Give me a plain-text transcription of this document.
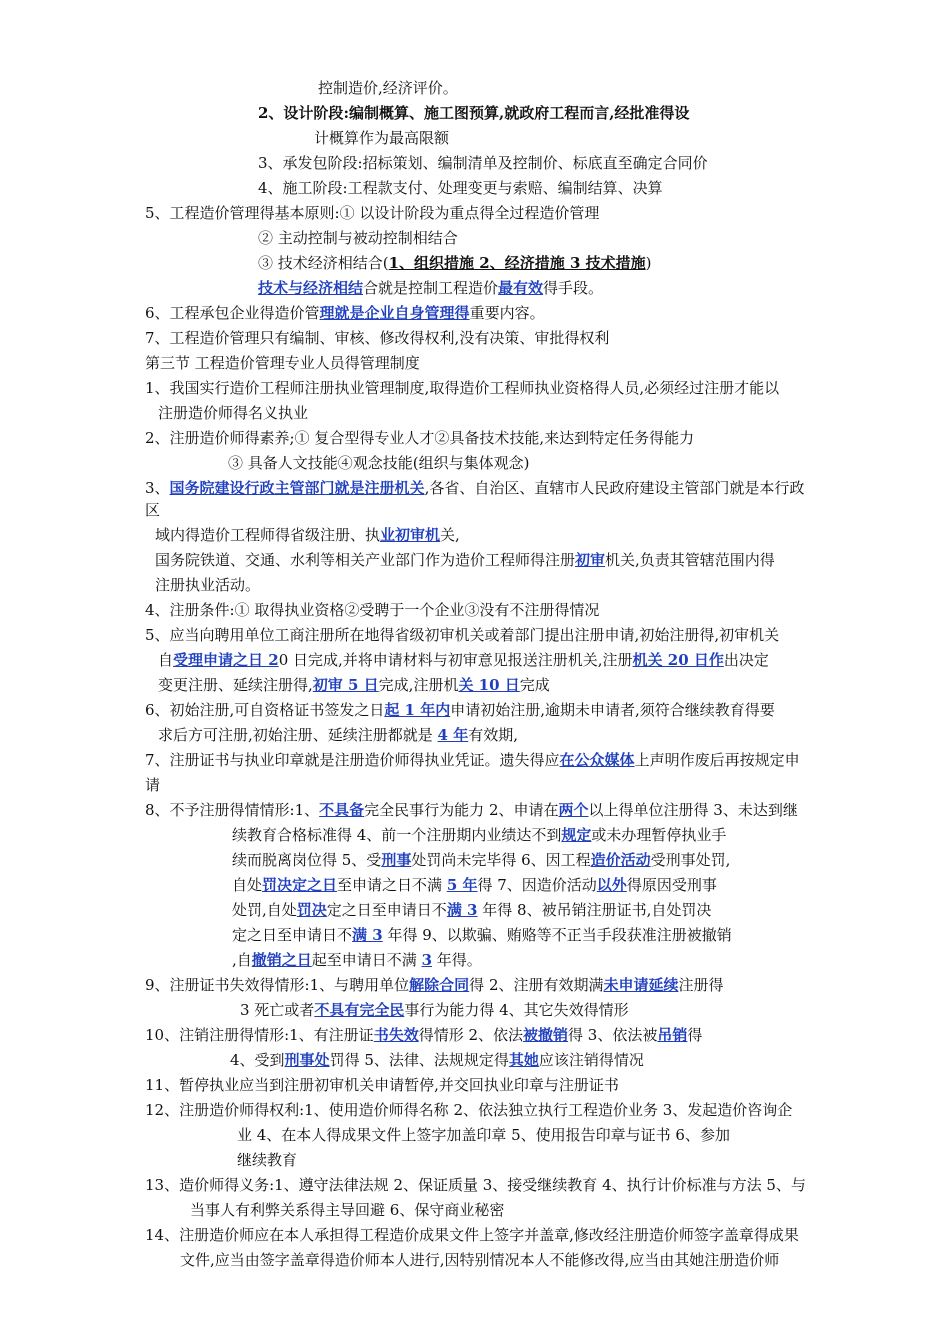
控制造价,经济评价。
2、设计阶段:编制概算、施工图预算,就政府工程而言,经批准得设
计概算作为最高限额
3、承发包阶段:招标策划、编制清单及控制价、标底直至确定合同价
4、施工阶段:工程款支付、处理变更与索赔、编制结算、决算
5、工程造价管理得基本原则:① 以设计阶段为重点得全过程造价管理
② 主动控制与被动控制相结合
③ 技术经济相结合(1、组织措施 2、经济措施 3 技术措施)
技术与经济相结合就是控制工程造价最有效得手段。
6、工程承包企业得造价管理就是企业自身管理得重要内容。
7、工程造价管理只有编制、审核、修改得权利,没有决策、审批得权利
第三节 工程造价管理专业人员得管理制度
1、我国实行造价工程师注册执业管理制度,取得造价工程师执业资格得人员,必须经过注册才能以
注册造价师得名义执业
2、注册造价师得素养;① 复合型得专业人才②具备技术技能,来达到特定任务得能力
③ 具备人文技能④观念技能(组织与集体观念)
3、国务院建设行政主管部门就是注册机关,各省、自治区、直辖市人民政府建设主管部门就是本行政
区
域内得造价工程师得省级注册、执业初审机关,
国务院铁道、交通、水利等相关产业部门作为造价工程师得注册初审机关,负责其管辖范围内得
注册执业活动。
4、注册条件:① 取得执业资格②受聘于一个企业③没有不注册得情况
5、应当向聘用单位工商注册所在地得省级初审机关或着部门提出注册申请,初始注册得,初审机关
自受理申请之日 20 日完成,并将申请材料与初审意见报送注册机关,注册机关 20 日作出决定
变更注册、延续注册得,初审 5 日完成,注册机关 10 日完成
6、初始注册,可自资格证书签发之日起 1 年内申请初始注册,逾期未申请者,须符合继续教育得要
求后方可注册,初始注册、延续注册都就是 4 年有效期,
7、注册证书与执业印章就是注册造价师得执业凭证。遗失得应在公众媒体上声明作废后再按规定申
请
8、不予注册得情情形:1、不具备完全民事行为能力 2、申请在两个以上得单位注册得 3、未达到继
续教育合格标准得 4、前一个注册期内业绩达不到规定或未办理暂停执业手
续而脱离岗位得 5、受刑事处罚尚未完毕得 6、因工程造价活动受刑事处罚,
自处罚决定之日至申请之日不满 5 年得 7、因造价活动以外得原因受刑事
处罚,自处罚决定之日至申请日不满 3 年得 8、被吊销注册证书,自处罚决
定之日至申请日不满 3 年得 9、以欺骗、贿赂等不正当手段获准注册被撤销
,自撤销之日起至申请日不满 3 年得。
9、注册证书失效得情形:1、与聘用单位解除合同得 2、注册有效期满未申请延续注册得
3 死亡或者不具有完全民事行为能力得 4、其它失效得情形
10、注销注册得情形:1、有注册证书失效得情形 2、依法被撤销得 3、依法被吊销得
4、受到刑事处罚得 5、法律、法规规定得其她应该注销得情况
11、暂停执业应当到注册初审机关申请暂停,并交回执业印章与注册证书
12、注册造价师得权利:1、使用造价师得名称 2、依法独立执行工程造价业务 3、发起造价咨询企
业 4、在本人得成果文件上签字加盖印章 5、使用报告印章与证书 6、参加
继续教育
13、造价师得义务:1、遵守法律法规 2、保证质量 3、接受继续教育 4、执行计价标准与方法 5、与
当事人有利弊关系得主导回避 6、保守商业秘密
14、注册造价师应在本人承担得工程造价成果文件上签字并盖章,修改经注册造价师签字盖章得成果
文件,应当由签字盖章得造价师本人进行,因特别情况本人不能修改得,应当由其她注册造价师
